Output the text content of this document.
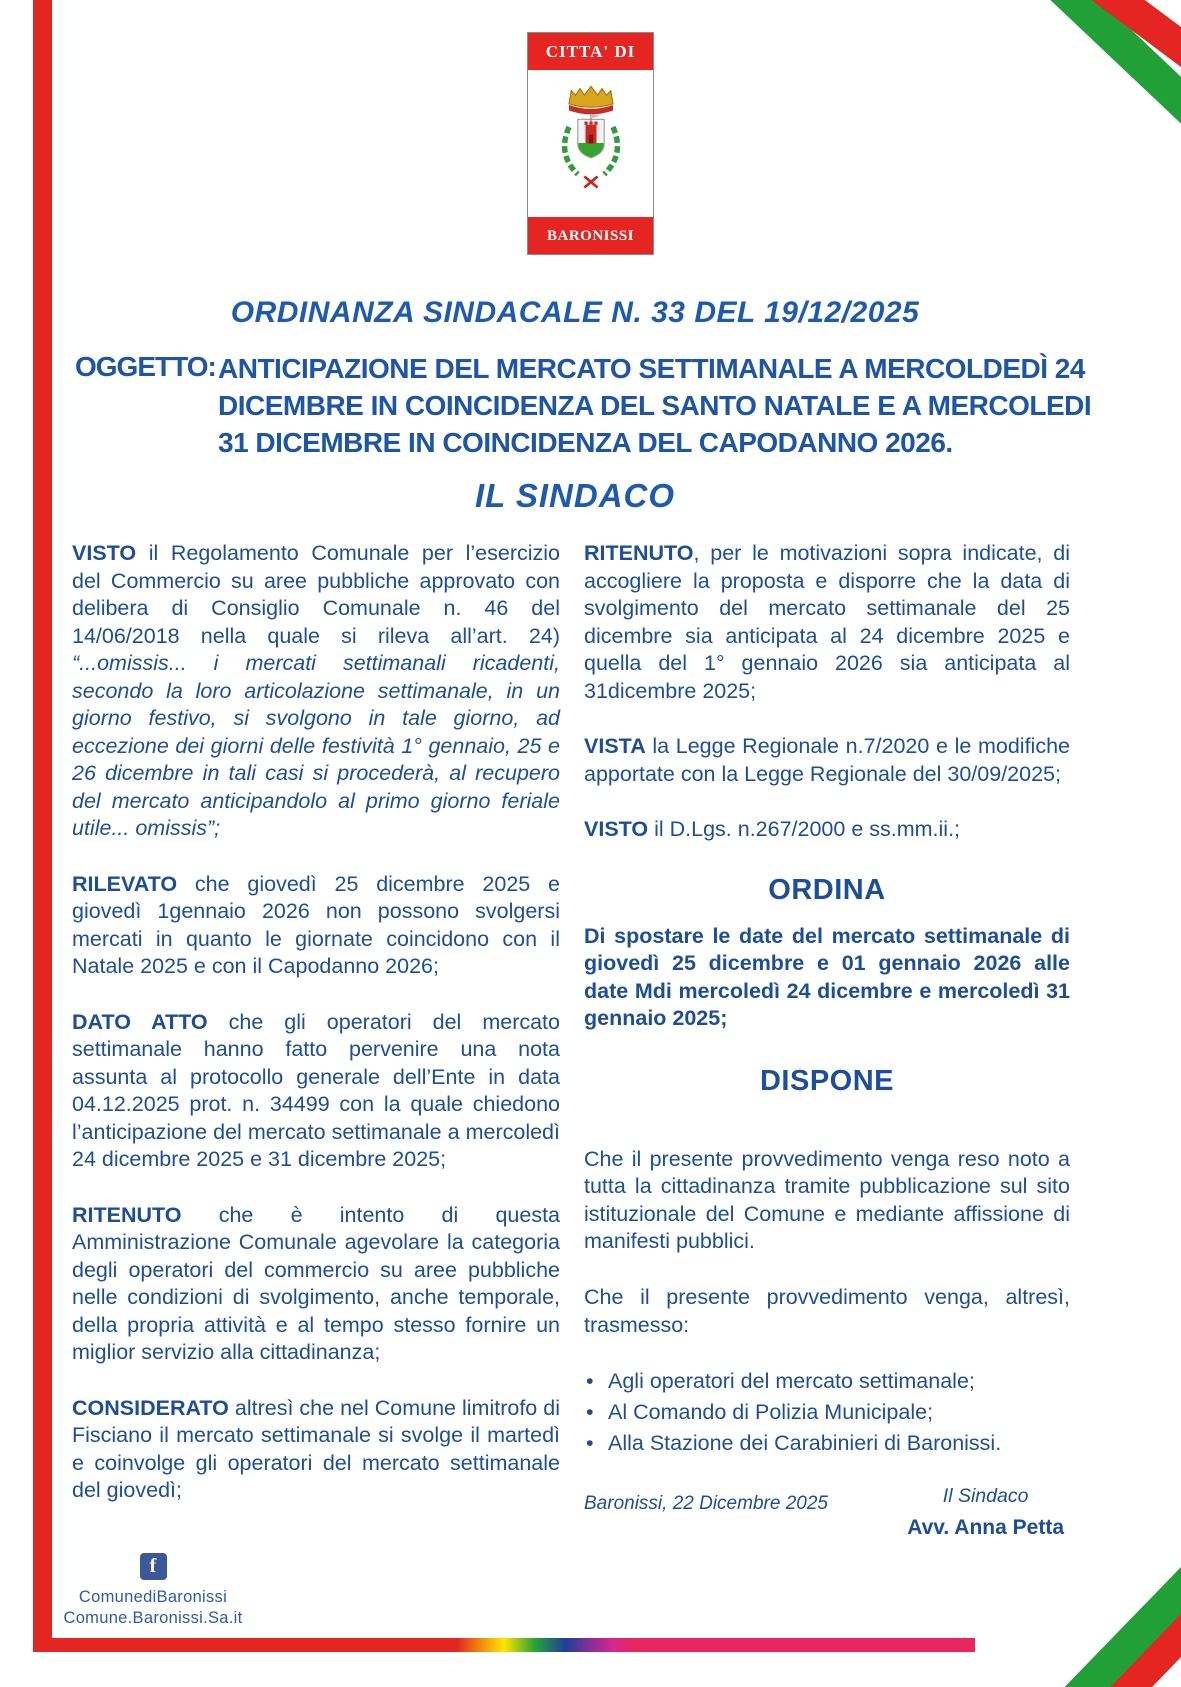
CITTA' DI
BARONISSI
ORDINANZA SINDACALE N. 33 DEL 19/12/2025
OGGETTO: ANTICIPAZIONE DEL MERCATO SETTIMANALE A MERCOLDEDÌ 24 DICEMBRE IN COINCIDENZA DEL SANTO NATALE E A MERCOLEDI 31 DICEMBRE IN COINCIDENZA DEL CAPODANNO 2026.
IL SINDACO

VISTO il Regolamento Comunale per l’esercizio del Commercio su aree pubbliche approvato con delibera di Consiglio Comunale n. 46 del 14/06/2018 nella quale si rileva all’art. 24) “...omissis... i mercati settimanali ricadenti, secondo la loro articolazione settimanale, in un giorno festivo, si svolgono in tale giorno, ad eccezione dei giorni delle festività 1° gennaio, 25 e 26 dicembre in tali casi si procederà, al recupero del mercato anticipandolo al primo giorno feriale utile... omissis”;

RILEVATO che giovedì 25 dicembre 2025 e giovedì 1gennaio 2026 non possono svolgersi mercati in quanto le giornate coincidono con il Natale 2025 e con il Capodanno 2026;

DATO ATTO che gli operatori del mercato settimanale hanno fatto pervenire una nota assunta al protocollo generale dell’Ente in data 04.12.2025 prot. n. 34499 con la quale chiedono l’anticipazione del mercato settimanale a mercoledì 24 dicembre 2025 e 31 dicembre 2025;

RITENUTO che è intento di questa Amministrazione Comunale agevolare la categoria degli operatori del commercio su aree pubbliche nelle condizioni di svolgimento, anche temporale, della propria attività e al tempo stesso fornire un miglior servizio alla cittadinanza;

CONSIDERATO altresì che nel Comune limitrofo di Fisciano il mercato settimanale si svolge il martedì e coinvolge gli operatori del mercato settimanale del giovedì;

RITENUTO, per le motivazioni sopra indicate, di accogliere la proposta e disporre che la data di svolgimento del mercato settimanale del 25 dicembre sia anticipata al 24 dicembre 2025 e quella del 1° gennaio 2026 sia anticipata al 31dicembre 2025;

VISTA la Legge Regionale n.7/2020 e le modifiche apportate con la Legge Regionale del 30/09/2025;

VISTO il D.Lgs. n.267/2000 e ss.mm.ii.;

ORDINA

Di spostare le date del mercato settimanale di giovedì 25 dicembre e 01 gennaio 2026 alle date Mdi mercoledì 24 dicembre e mercoledì 31 gennaio 2025;

DISPONE

Che il presente provvedimento venga reso noto a tutta la cittadinanza tramite pubblicazione sul sito istituzionale del Comune e mediante affissione di manifesti pubblici.

Che il presente provvedimento venga, altresì, trasmesso:

• Agli operatori del mercato settimanale;
• Al Comando di Polizia Municipale;
• Alla Stazione dei Carabinieri di Baronissi.
Baronissi, 22 Dicembre 2025	Il Sindaco
Avv. Anna Petta
f
ComunediBaronissi
Comune.Baronissi.Sa.it
